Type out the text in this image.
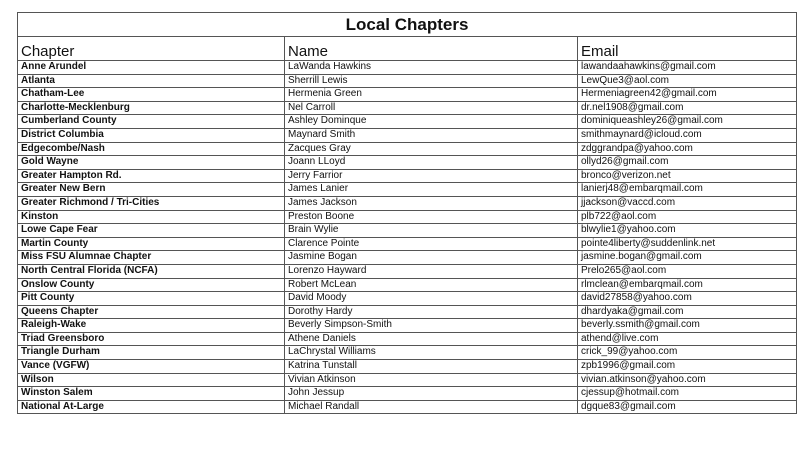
Local Chapters		
Chapter	Name	Email
Anne Arundel	LaWanda Hawkins	lawandaahawkins@gmail.com
Atlanta	Sherrill Lewis	LewQue3@aol.com
Chatham-Lee	Hermenia Green	Hermeniagreen42@gmail.com
Charlotte-Mecklenburg	Nel Carroll	dr.nel1908@gmail.com
Cumberland County	Ashley Dominque	dominiqueashley26@gmail.com
District Columbia	Maynard Smith	smithmaynard@icloud.com
Edgecombe/Nash	Zacques Gray	zdggrandpa@yahoo.com
Gold Wayne	Joann LLoyd	ollyd26@gmail.com
Greater Hampton Rd.	Jerry Farrior	bronco@verizon.net
Greater New Bern	James Lanier	lanierj48@embarqmail.com
Greater Richmond / Tri-Cities	James Jackson	jjackson@vaccd.com
Kinston	Preston Boone	plb722@aol.com
Lowe Cape Fear	Brain Wylie	blwylie1@yahoo.com
Martin County	Clarence Pointe	pointe4liberty@suddenlink.net
Miss FSU Alumnae Chapter	Jasmine Bogan	jasmine.bogan@gmail.com
North Central Florida (NCFA)	Lorenzo Hayward	Prelo265@aol.com
Onslow County	Robert McLean	rlmclean@embarqmail.com
Pitt County	David Moody	david27858@yahoo.com
Queens Chapter	Dorothy Hardy	dhardyaka@gmail.com
Raleigh-Wake	Beverly Simpson-Smith	beverly.ssmith@gmail.com
Triad Greensboro	Athene Daniels	athend@live.com
Triangle Durham	LaChrystal Williams	crick_99@yahoo.com
Vance (VGFW)	Katrina Tunstall	zpb1996@gmail.com
Wilson	Vivian Atkinson	vivian.atkinson@yahoo.com
Winston Salem	John Jessup	cjessup@hotmail.com
National At-Large	Michael Randall	dgque83@gmail.com
